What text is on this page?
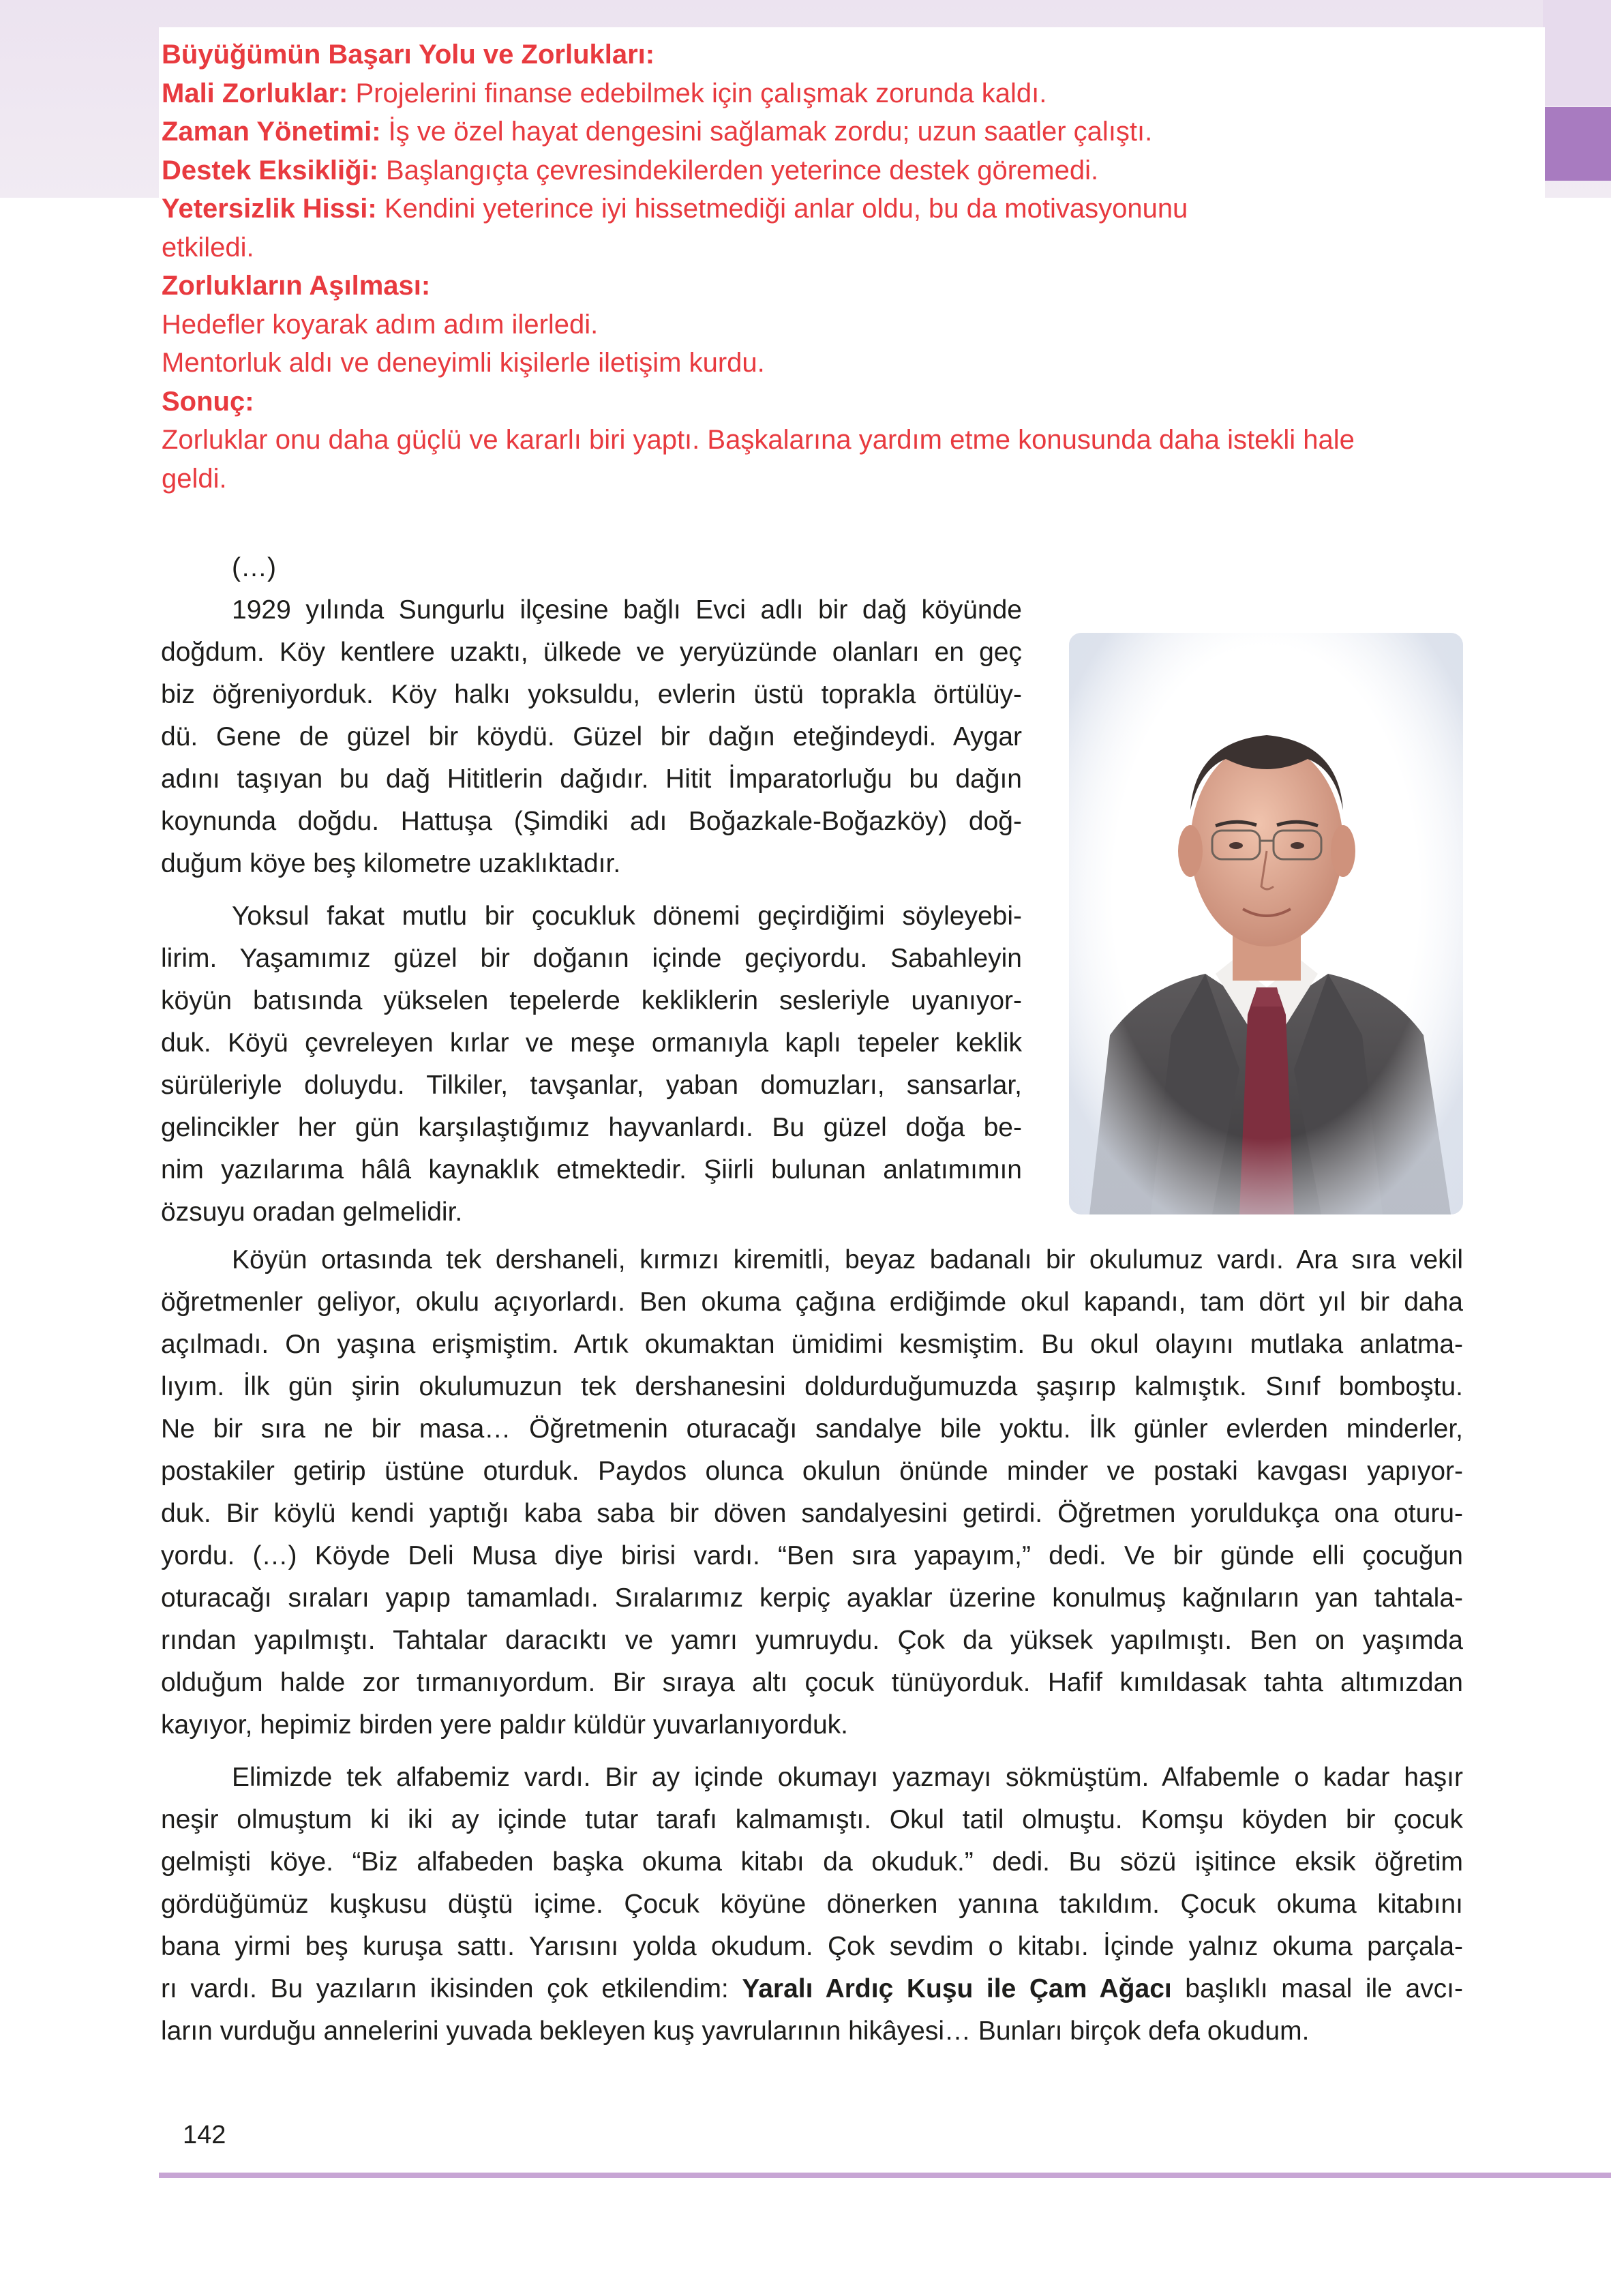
Büyüğümün Başarı Yolu ve Zorlukları:
Mali Zorluklar: Projelerini finanse edebilmek için çalışmak zorunda kaldı.
Zaman Yönetimi: İş ve özel hayat dengesini sağlamak zordu; uzun saatler çalıştı.
Destek Eksikliği: Başlangıçta çevresindekilerden yeterince destek göremedi.
Yetersizlik Hissi: Kendini yeterince iyi hissetmediği anlar oldu, bu da motivasyonunu
etkiledi.
Zorlukların Aşılması:
Hedefler koyarak adım adım ilerledi.
Mentorluk aldı ve deneyimli kişilerle iletişim kurdu.
Sonuç:
Zorluklar onu daha güçlü ve kararlı biri yaptı. Başkalarına yardım etme konusunda daha istekli hale
geldi.
(…)
1929 yılında Sungurlu ilçesine bağlı Evci adlı bir dağ köyünde
doğdum. Köy kentlere uzaktı, ülkede ve yeryüzünde olanları en geç
biz öğreniyorduk. Köy halkı yoksuldu, evlerin üstü toprakla örtülüy-
dü. Gene de güzel bir köydü. Güzel bir dağın eteğindeydi. Aygar
adını taşıyan bu dağ Hititlerin dağıdır. Hitit İmparatorluğu bu dağın
koynunda doğdu. Hattuşa (Şimdiki adı Boğazkale-Boğazköy) doğ-
duğum köye beş kilometre uzaklıktadır.
Yoksul fakat mutlu bir çocukluk dönemi geçirdiğimi söyleyebi-
lirim. Yaşamımız güzel bir doğanın içinde geçiyordu. Sabahleyin
köyün batısında yükselen tepelerde kekliklerin sesleriyle uyanıyor-
duk. Köyü çevreleyen kırlar ve meşe ormanıyla kaplı tepeler keklik
sürüleriyle doluydu. Tilkiler, tavşanlar, yaban domuzları, sansarlar,
gelincikler her gün karşılaştığımız hayvanlardı. Bu güzel doğa be-
nim yazılarıma hâlâ kaynaklık etmektedir. Şiirli bulunan anlatımımın
özsuyu oradan gelmelidir.
Köyün ortasında tek dershaneli, kırmızı kiremitli, beyaz badanalı bir okulumuz vardı. Ara sıra vekil
öğretmenler geliyor, okulu açıyorlardı. Ben okuma çağına erdiğimde okul kapandı, tam dört yıl bir daha
açılmadı. On yaşına erişmiştim. Artık okumaktan ümidimi kesmiştim. Bu okul olayını mutlaka anlatma-
lıyım. İlk gün şirin okulumuzun tek dershanesini doldurduğumuzda şaşırıp kalmıştık. Sınıf bomboştu.
Ne bir sıra ne bir masa… Öğretmenin oturacağı sandalye bile yoktu. İlk günler evlerden minderler,
postakiler getirip üstüne oturduk. Paydos olunca okulun önünde minder ve postaki kavgası yapıyor-
duk. Bir köylü kendi yaptığı kaba saba bir döven sandalyesini getirdi. Öğretmen yoruldukça ona oturu-
yordu. (…) Köyde Deli Musa diye birisi vardı. “Ben sıra yapayım,” dedi. Ve bir günde elli çocuğun
oturacağı sıraları yapıp tamamladı. Sıralarımız kerpiç ayaklar üzerine konulmuş kağnıların yan tahtala-
rından yapılmıştı. Tahtalar daracıktı ve yamrı yumruydu. Çok da yüksek yapılmıştı. Ben on yaşımda
olduğum halde zor tırmanıyordum. Bir sıraya altı çocuk tünüyorduk. Hafif kımıldasak tahta altımızdan
kayıyor, hepimiz birden yere paldır küldür yuvarlanıyorduk.
Elimizde tek alfabemiz vardı. Bir ay içinde okumayı yazmayı sökmüştüm. Alfabemle o kadar haşır
neşir olmuştum ki iki ay içinde tutar tarafı kalmamıştı. Okul tatil olmuştu. Komşu köyden bir çocuk
gelmişti köye. “Biz alfabeden başka okuma kitabı da okuduk.” dedi. Bu sözü işitince eksik öğretim
gördüğümüz kuşkusu düştü içime. Çocuk köyüne dönerken yanına takıldım. Çocuk okuma kitabını
bana yirmi beş kuruşa sattı. Yarısını yolda okudum. Çok sevdim o kitabı. İçinde yalnız okuma parçala-
rı vardı. Bu yazıların ikisinden çok etkilendim: Yaralı Ardıç Kuşu ile Çam Ağacı başlıklı masal ile avcı-
ların vurduğu annelerini yuvada bekleyen kuş yavrularının hikâyesi… Bunları birçok defa okudum.
142
